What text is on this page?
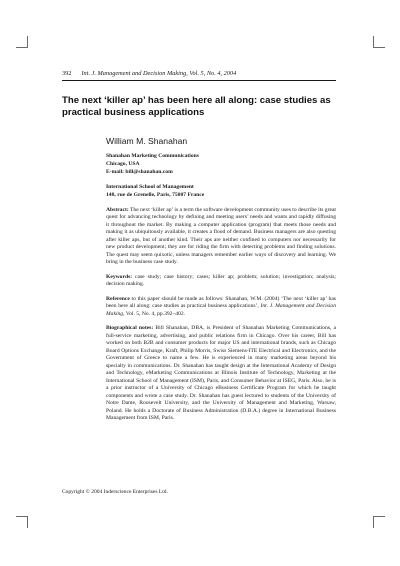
392 Int. J. Management and Decision Making, Vol. 5, No. 4, 2004
The next ‘killer ap’ has been here all along: case studies as practical business applications
William M. Shanahan
Shanahan Marketing Communications
Chicago, USA
E-mail: bill@shanahan.com
International School of Management
148, rue de Grenelle, Paris, 75007 France

Abstract: The next ‘killer ap’ is a term the software development community uses to describe its great quest for advancing technology by defining and meeting users’ needs and wants and rapidly diffusing it throughout the market. By making a computer application (program) that meets those needs and making it as ubiquitously available, it creates a flood of demand. Business managers are also questing after killer aps, but of another kind. Their aps are neither confined to computers nor necessarily for new product development; they are for riding the firm with detecting problems and finding solutions. The quest may seem quixotic, unless managers remember earlier ways of discovery and learning. We bring in the business case study.

Keywords: case study; case history; cases; killer ap; problem; solution; investigation; analysis; decision making.

Reference to this paper should be made as follows: Shanahan, W.M. (2004) ‘The next ‘killer ap’ has been here all along: case studies as practical business applications’, Int. J. Management and Decision Making, Vol. 5, No. 4, pp.392–402.

Biographical notes: Bill Shanahan, DBA, is President of Shanahan Marketing Communications, a full-service marketing, advertising, and public relations firm in Chicago. Over his career, Bill has worked on both B2B and consumer products for major US and international brands, such as Chicago Board Options Exchange, Kraft, Philip Morris, Swiss Siemens-ITE Electrical and Electronics, and the Government of Greece to name a few. He is experienced in many marketing areas beyond his specialty in communications. Dr. Shanahan has taught design at the International Academy of Design and Technology, eMarketing Communications at Illinois Institute of Technology, Marketing at the International School of Management (ISM), Paris, and Consumer Behavior at ISEG, Paris. Also, he is a prior instructor of a University of Chicago eBusiness Certificate Program for which he taught components and wrote a case study. Dr. Shanahan has guest lectured to students of the University of Notre Dame, Roosevelt University, and the University of Management and Marketing, Warsaw, Poland. He holds a Doctorate of Business Administration (D.B.A.) degree in International Business Management from ISM, Paris.

Copyright © 2004 Inderscience Enterprises Ltd.
